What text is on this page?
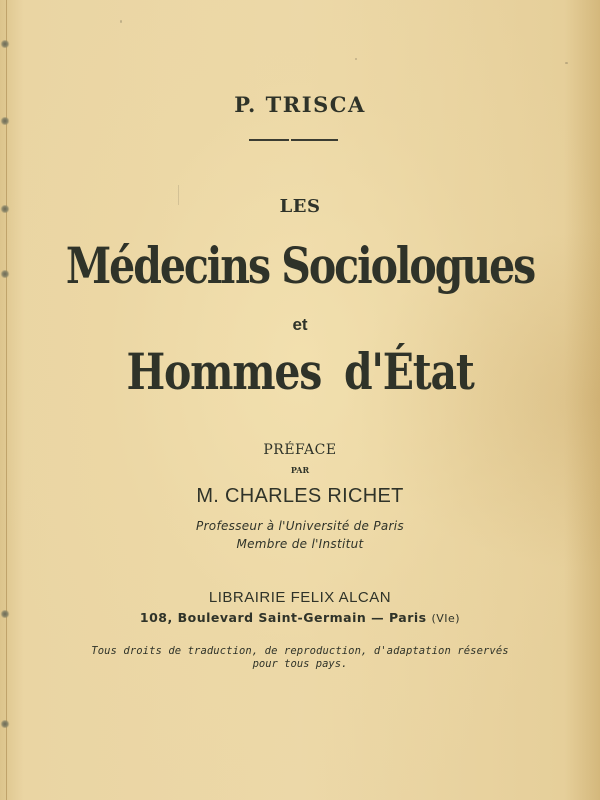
P. TRISCA
LES
Médecins Sociologues
et
Hommes d'État
PRÉFACE
PAR
M. CHARLES RICHET
Professeur à l'Université de Paris
Membre de l'Institut
LIBRAIRIE FELIX ALCAN
108, Boulevard Saint-Germain — Paris (VIe)
Tous droits de traduction, de reproduction, d'adaptation réservés
pour tous pays.
